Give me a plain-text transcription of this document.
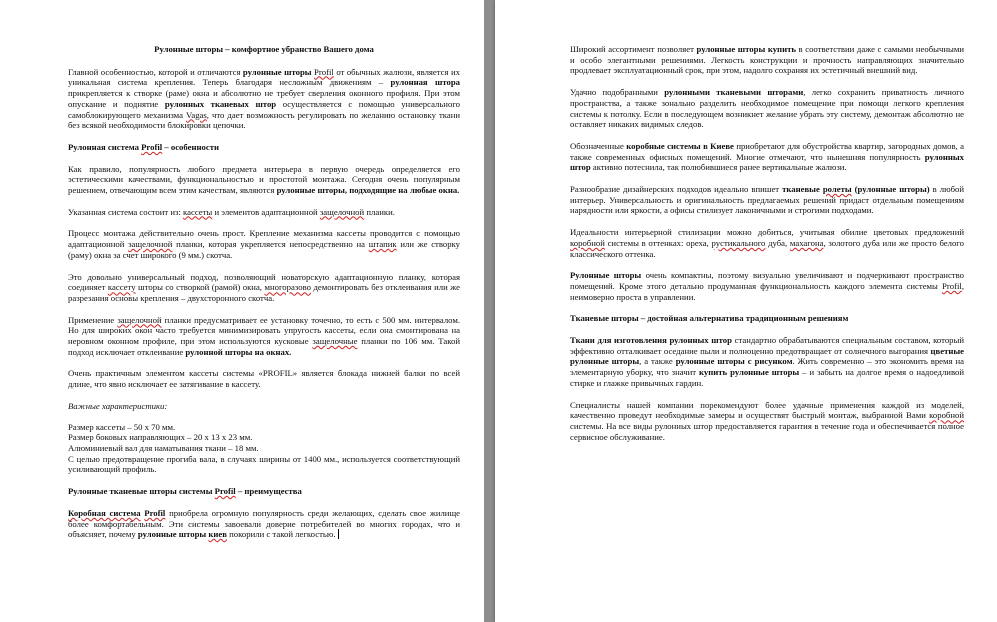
Рулонные шторы – комфортное убранство Вашего дома

Главной особенностью, которой и отличаются рулонные шторы Profil от обычных жалюзи, является их уникальная система крепления. Теперь благодаря несложным движениям – рулонная штора прикрепляется к створке (раме) окна и абсолютно не требует сверления оконного профиля. При этом опускание и поднятие рулонных тканевых штор осуществляется с помощью универсального самоблокирующего механизма Vagas, что дает возможность регулировать по желанию остановку ткани без всякой необходимости блокировки цепочки.

Рулонная система Profil – особенности

Как правило, популярность любого предмета интерьера в первую очередь определяется его эстетическими качествами, функциональностью и простотой монтажа. Сегодня очень популярным решением, отвечающим всем этим качествам, являются рулонные шторы, подходящие на любые окна.

Указанная система состоит из: кассеты и элементов адаптационной защелочной планки.

Процесс монтажа действительно очень прост. Крепление механизма кассеты проводится с помощью адаптационной защелочной планки, которая укрепляется непосредственно на штапик или же створку (раму) окна за счет широкого (9 мм.) скотча.

Это довольно универсальный подход, позволяющий новаторскую адаптационную планку, которая соединяет кассету шторы со створкой (рамой) окна, многоразово демонтировать без отклеивания или же разрезания основы крепления – двухсторонного скотча.

Применение защелочной планки предусматривает ее установку точечно, то есть с 500 мм. интервалом. Но для широких окон часто требуется минимизировать упругость кассеты, если она смонтирована на неровном оконном профиле, при этом используются кусковые защелочные планки по 106 мм. Такой подход исключает отклеивание рулонной шторы на окнах.

Очень практичным элементом кассеты системы «PROFIL» является блокада нижней балки по всей длине, что явно исключает ее затягивание в кассету.

Важные характеристики:

Размер кассеты – 50 х 70 мм.

Размер боковых направляющих – 20 х 13 х 23 мм.

Алюминиевый вал для наматывания ткани – 18 мм.

С целью предотвращение прогиба вала, в случаях ширины от 1400 мм., используется соответствующий усиливающий профиль.

Рулонные тканевые шторы системы Profil – преимущества

Коробная система Profil приобрела огромную популярность среди желающих, сделать свое жилище более комфортабельным. Эти системы завоевали доверие потребителей во многих городах, что и объясняет, почему рулонные шторы киев покорили с такой легкостью.

Широкий ассортимент позволяет рулонные шторы купить в соответствии даже с самыми необычными и особо элегантными решениями. Легкость конструкции и прочность направляющих значительно продлевает эксплуатационный срок, при этом, надолго сохраняя их эстетичный внешний вид.

Удачно подобранными рулонными тканевыми шторами, легко сохранить приватность личного пространства, а также зонально разделить необходимое помещение при помощи легкого крепления системы к потолку. Если в последующем возникнет желание убрать эту систему, демонтаж абсолютно не оставляет никаких видимых следов.

Обозначенные коробные системы в Киеве приобретают для обустройства квартир, загородных домов, а также современных офисных помещений. Многие отмечают, что нынешняя популярность рулонных штор активно потеснила, так полюбившиеся ранее вертикальные жалюзи.

Разнообразие дизайнерских подходов идеально впишет тканевые ролеты (рулонные шторы) в любой интерьер. Универсальность и оригинальность предлагаемых решений придаст отдельным помещениям нарядности или яркости, а офисы стилизует лаконичными и строгими подходами.

Идеальности интерьерной стилизации можно добиться, учитывая обилие цветовых предложений коробной системы в оттенках: ореха, рустикального дуба, махагона, золотого дуба или же просто белого классического оттенка.

Рулонные шторы очень компактны, поэтому визуально увеличивают и подчеркивают пространство помещений. Кроме этого детально продуманная функциональность каждого элемента системы Profil, неимоверно проста в управлении.

Тканевые шторы – достойная альтернатива традиционным решениям

Ткани для изготовления рулонных штор стандартно обрабатываются специальным составом, который эффективно отталкивает оседание пыли и полноценно предотвращает от солнечного выгорания цветные рулонные шторы, а также рулонные шторы с рисунком. Жить современно – это экономить время на элементарную уборку, что значит купить рулонные шторы – и забыть на долгое время о надоедливой стирке и глажке привычных гардин.

Специалисты нашей компании порекомендуют более удачные применения каждой из моделей, качественно проведут необходимые замеры и осуществят быстрый монтаж, выбранной Вами коробной системы. На все виды рулонных штор предоставляется гарантия в течение года и обеспечивается полное сервисное обслуживание.
